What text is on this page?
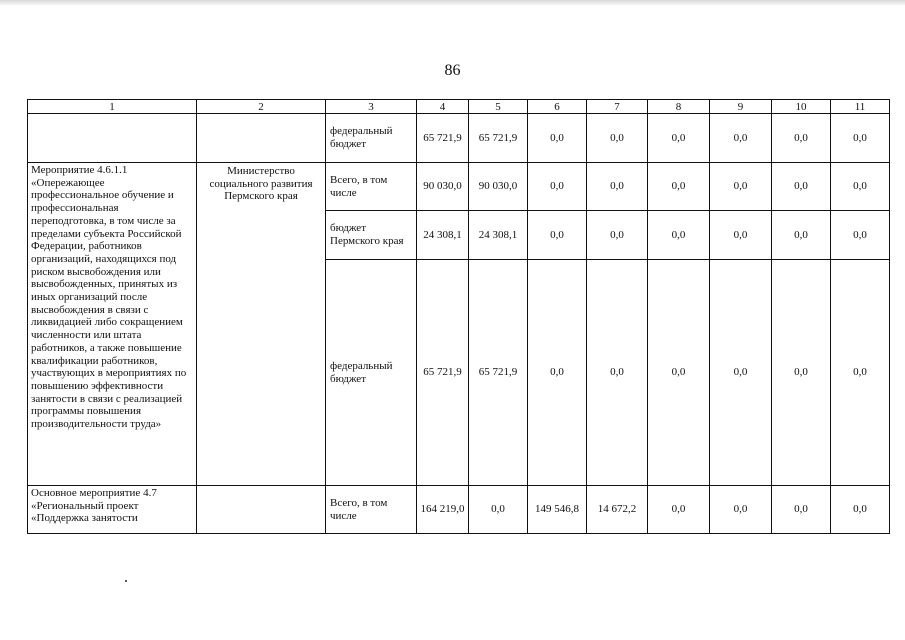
86
1	2	3	4	5	6	7	8	9	10	11
		федеральный бюджет	65 721,9	65 721,9	0,0	0,0	0,0	0,0	0,0	0,0
Мероприятие 4.6.1.1 «Опережающее профессиональное обучение и профессиональная переподготовка, в том числе за пределами субъекта Российской Федерации, работников организаций, находящихся под риском высвобождения или высвобожденных, принятых из иных организаций после высвобождения в связи с ликвидацией либо сокращением численности или штата работников, а также повышение квалификации работников, участвующих в мероприятиях по повышению эффективности занятости в связи с реализацией программы повышения производительности труда»	Министерство социального развития Пермского края	Всего, в том числе	90 030,0	90 030,0	0,0	0,0	0,0	0,0	0,0	0,0
		бюджет Пермского края	24 308,1	24 308,1	0,0	0,0	0,0	0,0	0,0	0,0
		федеральный бюджет	65 721,9	65 721,9	0,0	0,0	0,0	0,0	0,0	0,0
Основное мероприятие 4.7 «Региональный проект «Поддержка занятости		Всего, в том числе	164 219,0	0,0	149 546,8	14 672,2	0,0	0,0	0,0	0,0
